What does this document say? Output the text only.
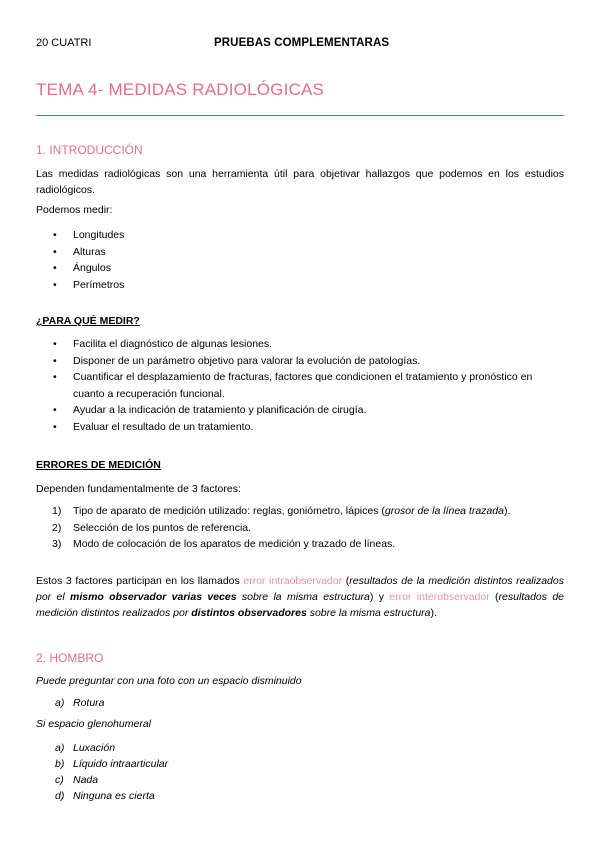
20 CUATRI	PRUEBAS COMPLEMENTARAS
TEMA 4- MEDIDAS RADIOLÓGICAS
1. INTRODUCCIÓN
Las medidas radiológicas son una herramienta útil para objetivar hallazgos que podemos en los estudios radiológicos.
Podemos medir:
• Longitudes
• Alturas
• Ángulos
• Perímetros
¿PARA QUÉ MEDIR?
• Facilita el diagnóstico de algunas lesiones.
• Disponer de un parámetro objetivo para valorar la evolución de patologías.
• Cuantificar el desplazamiento de fracturas, factores que condicionen el tratamiento y pronóstico en cuanto a recuperación funcional.
• Ayudar a la indicación de tratamiento y planificación de cirugía.
• Evaluar el resultado de un tratamiento.
ERRORES DE MEDICIÓN
Dependen fundamentalmente de 3 factores:
1) Tipo de aparato de medición utilizado: reglas, goniómetro, lápices (grosor de la línea trazada).
2) Selección de los puntos de referencia.
3) Modo de colocación de los aparatos de medición y trazado de líneas.
Estos 3 factores participan en los llamados error intraobservador (resultados de la medición distintos realizados por el mismo observador varias veces sobre la misma estructura) y error interobservador (resultados de medición distintos realizados por distintos observadores sobre la misma estructura).
2. HOMBRO
Puede preguntar con una foto con un espacio disminuido
a) Rotura
Si espacio glenohumeral
a) Luxación
b) Líquido intraarticular
c) Nada
d) Ninguna es cierta
